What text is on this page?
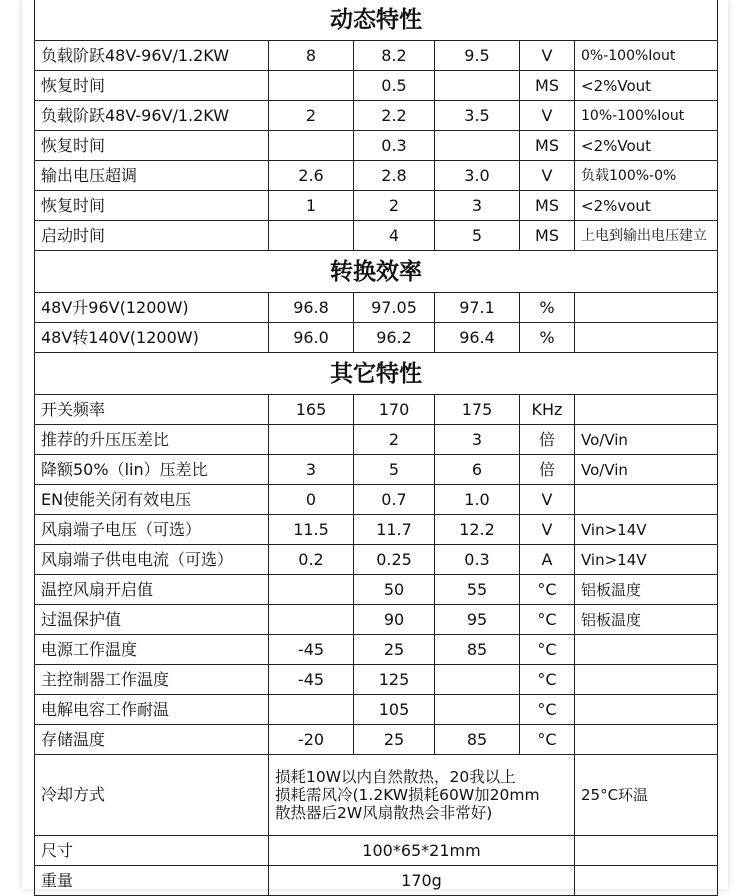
动态特性					
负载阶跃48V-96V/1.2KW	8	8.2	9.5	V	0%-100%Iout
恢复时间		0.5		MS	<2%Vout
负载阶跃48V-96V/1.2KW	2	2.2	3.5	V	10%-100%Iout
恢复时间		0.3		MS	<2%Vout
输出电压超调	2.6	2.8	3.0	V	负载100%-0%
恢复时间	1	2	3	MS	<2%vout
启动时间		4	5	MS	上电到输出电压建立
转换效率					
48V升96V(1200W)	96.8	97.05	97.1	%	
48V转140V(1200W)	96.0	96.2	96.4	%	
其它特性					
开关频率	165	170	175	KHz	
推荐的升压压差比		2	3	倍	Vo/Vin
降额50%（lin）压差比	3	5	6	倍	Vo/Vin
EN使能关闭有效电压	0	0.7	1.0	V	
风扇端子电压（可选）	11.5	11.7	12.2	V	Vin>14V
风扇端子供电电流（可选）	0.2	0.25	0.3	A	Vin>14V
温控风扇开启值		50	55	°C	铝板温度
过温保护值		90	95	°C	铝板温度
电源工作温度	-45	25	85	°C	
主控制器工作温度	-45	125		°C	
电解电容工作耐温		105		°C	
存储温度	-20	25	85	°C	
冷却方式	损耗10W以内自然散热，20我以上
损耗需风冷(1.2KW损耗60W加20mm
散热器后2W风扇散热会非常好)				25°C环温
尺寸	100*65*21mm				
重量	170g				
